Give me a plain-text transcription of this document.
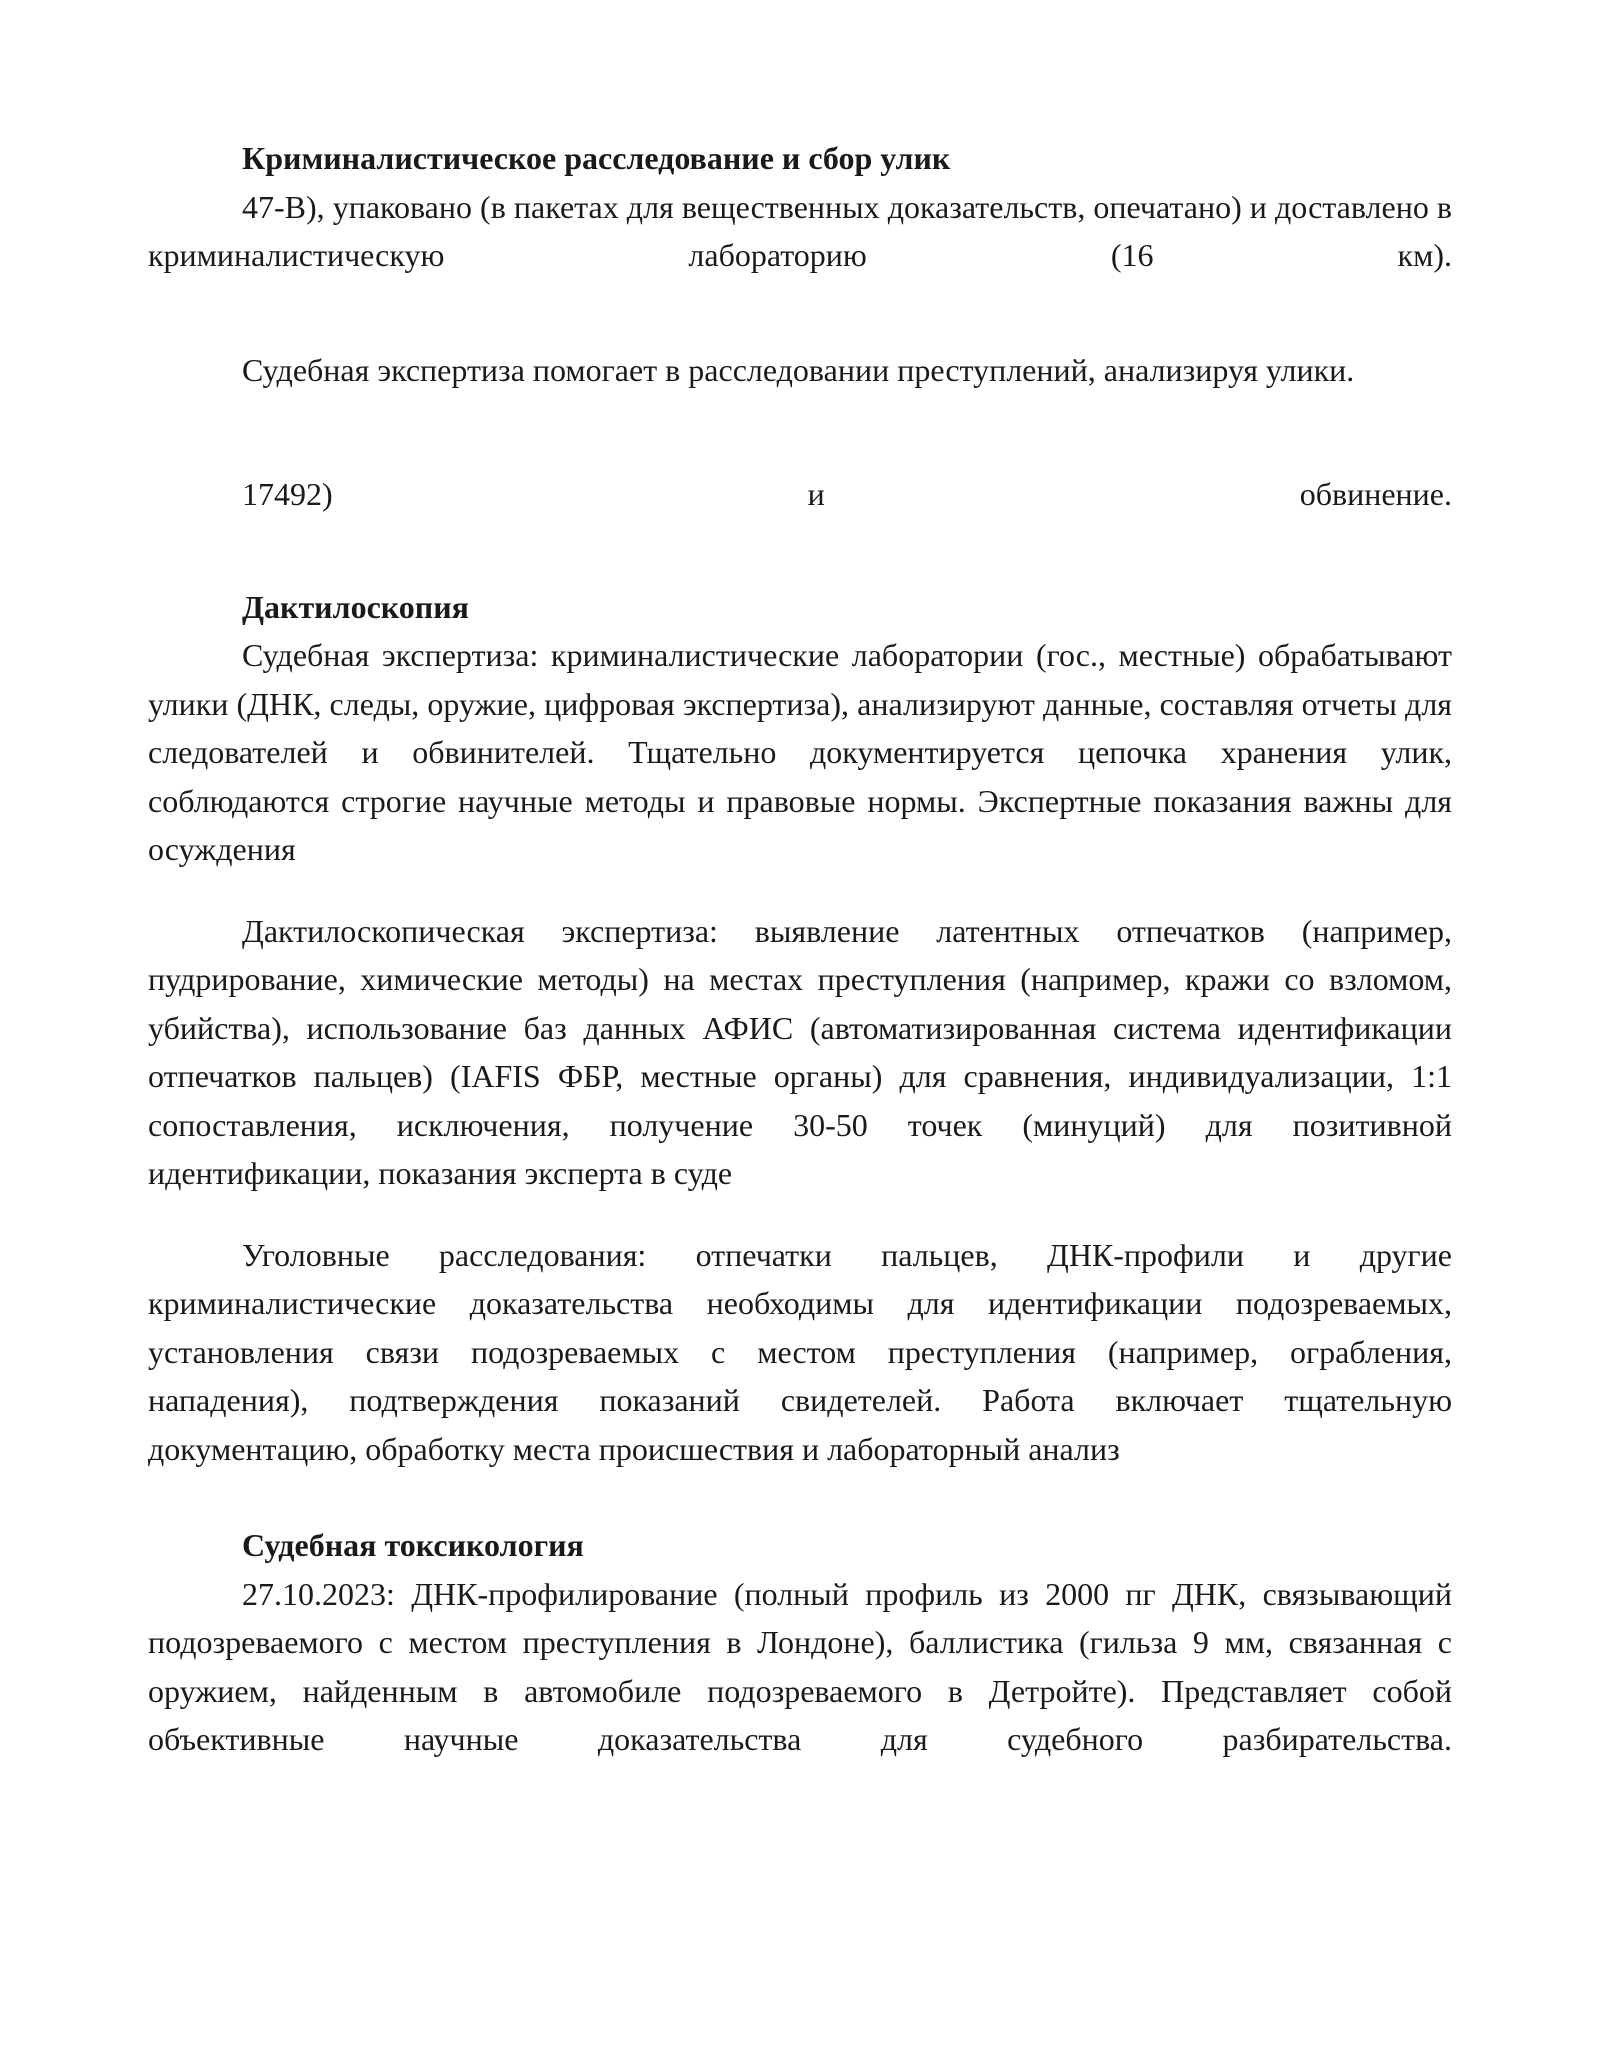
Криминалистическое расследование и сбор улик

47-В), упаковано (в пакетах для вещественных доказательств, опечатано) и доставлено в криминалистическую лабораторию (16 км).

Судебная экспертиза помогает в расследовании преступлений, анализируя улики.

17492) и обвинение.

Дактилоскопия

Судебная экспертиза: криминалистические лаборатории (гос., местные) обрабатывают улики (ДНК, следы, оружие, цифровая экспертиза), анализируют данные, составляя отчеты для следователей и обвинителей. Тщательно документируется цепочка хранения улик, соблюдаются строгие научные методы и правовые нормы. Экспертные показания важны для осуждения

Дактилоскопическая экспертиза: выявление латентных отпечатков (например, пудрирование, химические методы) на местах преступления (например, кражи со взломом, убийства), использование баз данных АФИС (автоматизированная система идентификации отпечатков пальцев) (IAFIS ФБР, местные органы) для сравнения, индивидуализации, 1:1 сопоставления, исключения, получение 30-50 точек (минуций) для позитивной идентификации, показания эксперта в суде

Уголовные расследования: отпечатки пальцев, ДНК-профили и другие криминалистические доказательства необходимы для идентификации подозреваемых, установления связи подозреваемых с местом преступления (например, ограбления, нападения), подтверждения показаний свидетелей. Работа включает тщательную документацию, обработку места происшествия и лабораторный анализ

Судебная токсикология

27.10.2023: ДНК-профилирование (полный профиль из 2000 пг ДНК, связывающий подозреваемого с местом преступления в Лондоне), баллистика (гильза 9 мм, связанная с оружием, найденным в автомобиле подозреваемого в Детройте). Представляет собой объективные научные доказательства для судебного разбирательства.
